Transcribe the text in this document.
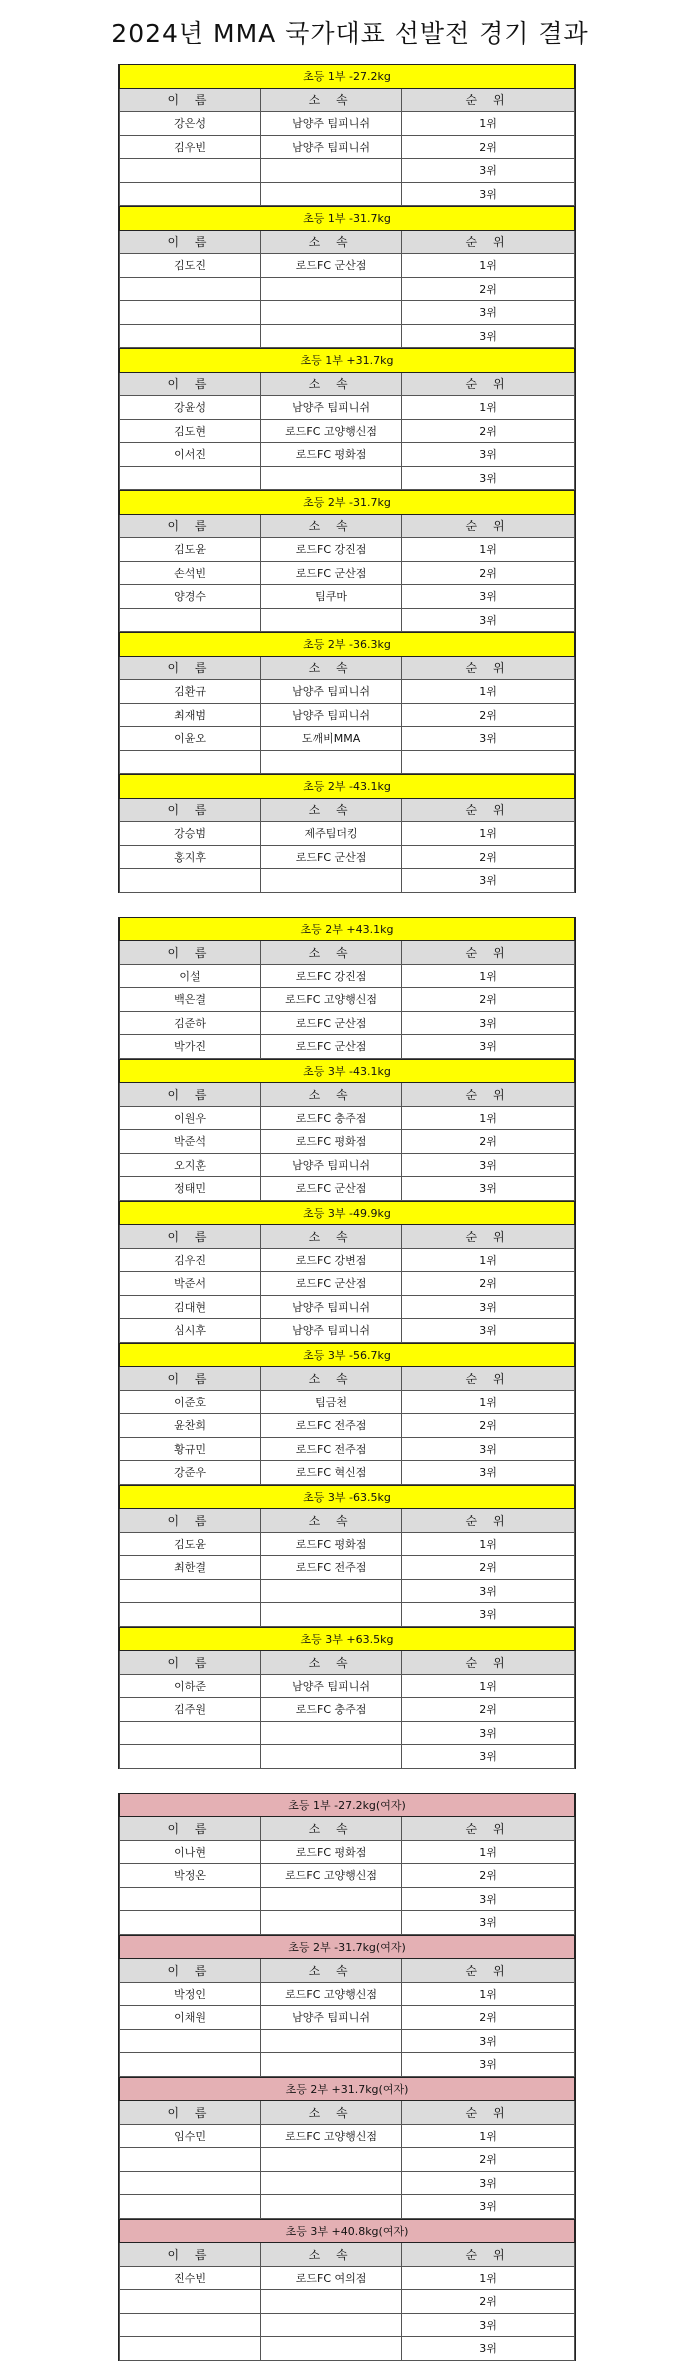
2024년 MMA 국가대표 선발전 경기 결과
초등 1부 -27.2kg		
이 름	소 속	순 위
강은성	남양주 팀피니쉬	1위
김우빈	남양주 팀피니쉬	2위
		3위
		3위
초등 1부 -31.7kg		
이 름	소 속	순 위
김도진	로드FC 군산점	1위
		2위
		3위
		3위
초등 1부 +31.7kg		
이 름	소 속	순 위
강윤성	남양주 팀피니쉬	1위
김도현	로드FC 고양행신점	2위
이서진	로드FC 평화점	3위
		3위
초등 2부 -31.7kg		
이 름	소 속	순 위
김도윤	로드FC 강진점	1위
손석빈	로드FC 군산점	2위
양경수	팀쿠마	3위
		3위
초등 2부 -36.3kg		
이 름	소 속	순 위
김환규	남양주 팀피니쉬	1위
최재범	남양주 팀피니쉬	2위
이윤오	도깨비MMA	3위

초등 2부 -43.1kg		
이 름	소 속	순 위
강승범	제주팀더킹	1위
홍지후	로드FC 군산점	2위
		3위
초등 2부 +43.1kg		
이 름	소 속	순 위
이설	로드FC 강진점	1위
백은결	로드FC 고양행신점	2위
김준하	로드FC 군산점	3위
박가진	로드FC 군산점	3위
초등 3부 -43.1kg		
이 름	소 속	순 위
이원우	로드FC 충주점	1위
박준석	로드FC 평화점	2위
오지훈	남양주 팀피니쉬	3위
정태민	로드FC 군산점	3위
초등 3부 -49.9kg		
이 름	소 속	순 위
김우진	로드FC 강변점	1위
박준서	로드FC 군산점	2위
김대현	남양주 팀피니쉬	3위
심시후	남양주 팀피니쉬	3위
초등 3부 -56.7kg		
이 름	소 속	순 위
이준호	팀금천	1위
윤찬희	로드FC 전주점	2위
황규민	로드FC 전주점	3위
강준우	로드FC 혁신점	3위
초등 3부 -63.5kg		
이 름	소 속	순 위
김도윤	로드FC 평화점	1위
최한결	로드FC 전주점	2위
		3위
		3위
초등 3부 +63.5kg		
이 름	소 속	순 위
이하준	남양주 팀피니쉬	1위
김주원	로드FC 충주점	2위
		3위
		3위
초등 1부 -27.2kg(여자)		
이 름	소 속	순 위
이나현	로드FC 평화점	1위
박정온	로드FC 고양행신점	2위
		3위
		3위
초등 2부 -31.7kg(여자)		
이 름	소 속	순 위
박정인	로드FC 고양행신점	1위
이채원	남양주 팀피니쉬	2위
		3위
		3위
초등 2부 +31.7kg(여자)		
이 름	소 속	순 위
임수민	로드FC 고양행신점	1위
		2위
		3위
		3위
초등 3부 +40.8kg(여자)		
이 름	소 속	순 위
진수빈	로드FC 여의점	1위
		2위
		3위
		3위
